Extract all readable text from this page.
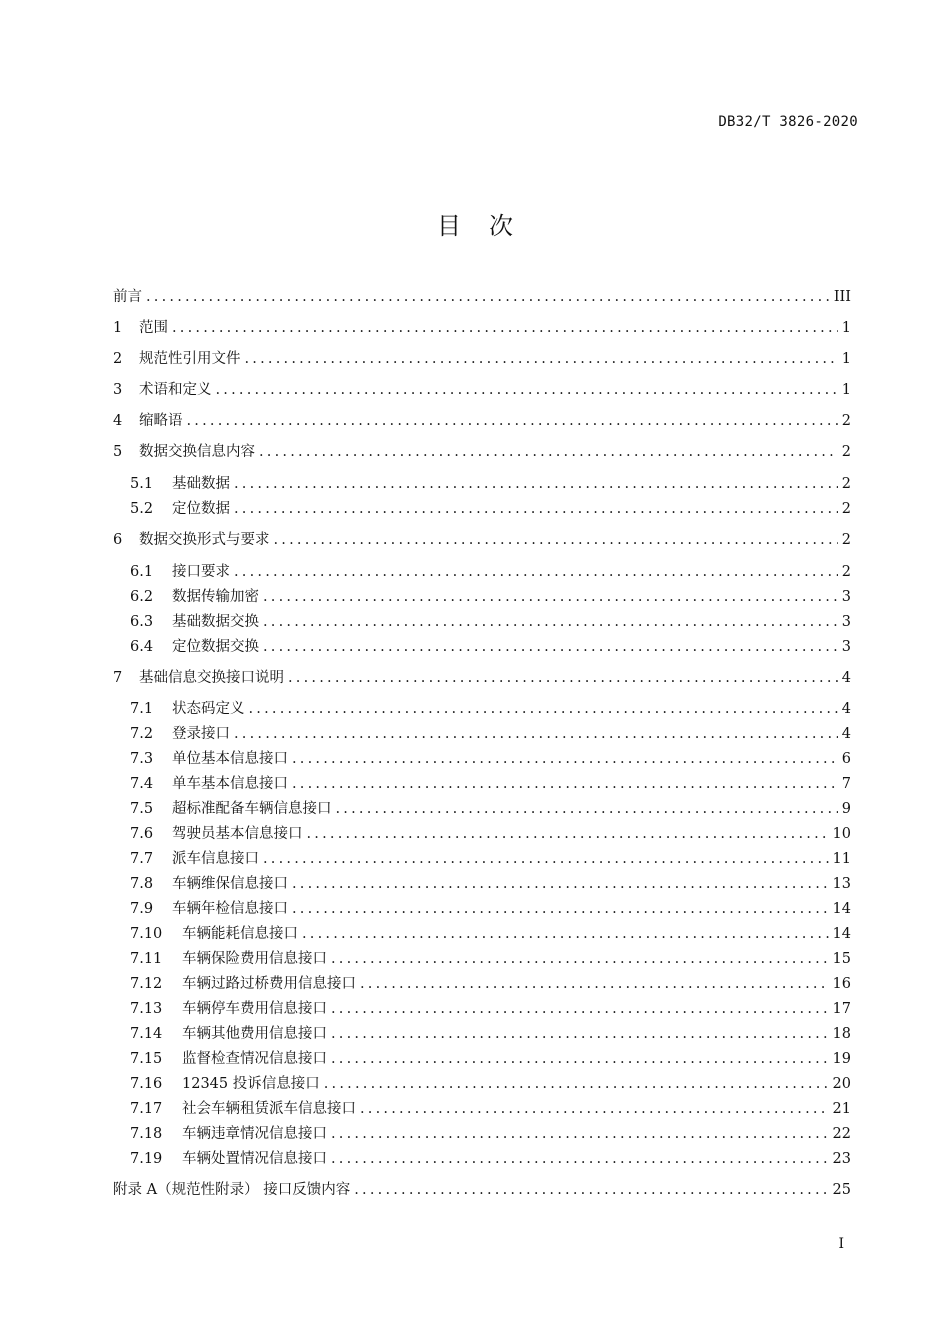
DB32/T 3826-2020
目次
前言 .....	III
1	范围 .....	1
2	规范性引用文件 .....	1
3	术语和定义 .....	1
4	缩略语 .....	2
5	数据交换信息内容 .....	2
5.1	基础数据 .....	2
5.2	定位数据 .....	2
6	数据交换形式与要求 .....	2
6.1	接口要求 .....	2
6.2	数据传输加密 .....	3
6.3	基础数据交换 .....	3
6.4	定位数据交换 .....	3
7	基础信息交换接口说明 .....	4
7.1	状态码定义 .....	4
7.2	登录接口 .....	4
7.3	单位基本信息接口 .....	6
7.4	单车基本信息接口 .....	7
7.5	超标准配备车辆信息接口 .....	9
7.6	驾驶员基本信息接口 .....	10
7.7	派车信息接口 .....	11
7.8	车辆维保信息接口 .....	13
7.9	车辆年检信息接口 .....	14
7.10	车辆能耗信息接口 .....	14
7.11	车辆保险费用信息接口 .....	15
7.12	车辆过路过桥费用信息接口 .....	16
7.13	车辆停车费用信息接口 .....	17
7.14	车辆其他费用信息接口 .....	18
7.15	监督检查情况信息接口 .....	19
7.16	12345 投诉信息接口 .....	20
7.17	社会车辆租赁派车信息接口 .....	21
7.18	车辆违章情况信息接口 .....	22
7.19	车辆处置情况信息接口 .....	23
附录 A（规范性附录） 接口反馈内容 .....	25
I
